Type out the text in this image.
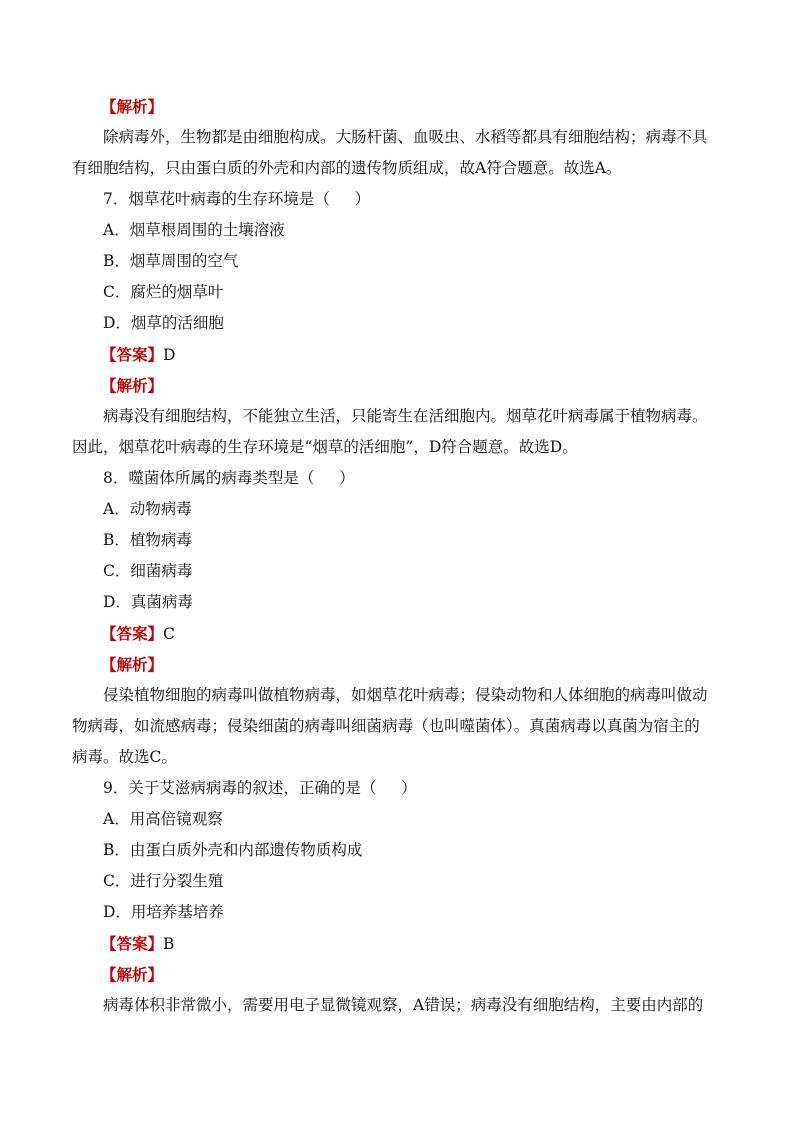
【解析】
除病毒外，生物都是由细胞构成。大肠杆菌、血吸虫、水稻等都具有细胞结构；病毒不具
有细胞结构，只由蛋白质的外壳和内部的遗传物质组成，故A符合题意。故选A。
7．烟草花叶病毒的生存环境是（ ）
A．烟草根周围的土壤溶液
B．烟草周围的空气
C．腐烂的烟草叶
D．烟草的活细胞
【答案】D
【解析】
病毒没有细胞结构，不能独立生活，只能寄生在活细胞内。烟草花叶病毒属于植物病毒。
因此，烟草花叶病毒的生存环境是“烟草的活细胞”，D符合题意。故选D。
8．噬菌体所属的病毒类型是（ ）
A．动物病毒
B．植物病毒
C．细菌病毒
D．真菌病毒
【答案】C
【解析】
侵染植物细胞的病毒叫做植物病毒，如烟草花叶病毒；侵染动物和人体细胞的病毒叫做动
物病毒，如流感病毒；侵染细菌的病毒叫细菌病毒（也叫噬菌体）。真菌病毒以真菌为宿主的
病毒。故选C。
9．关于艾滋病病毒的叙述，正确的是（ ）
A．用高倍镜观察
B．由蛋白质外壳和内部遗传物质构成
C．进行分裂生殖
D．用培养基培养
【答案】B
【解析】
病毒体积非常微小，需要用电子显微镜观察，A错误；病毒没有细胞结构，主要由内部的
